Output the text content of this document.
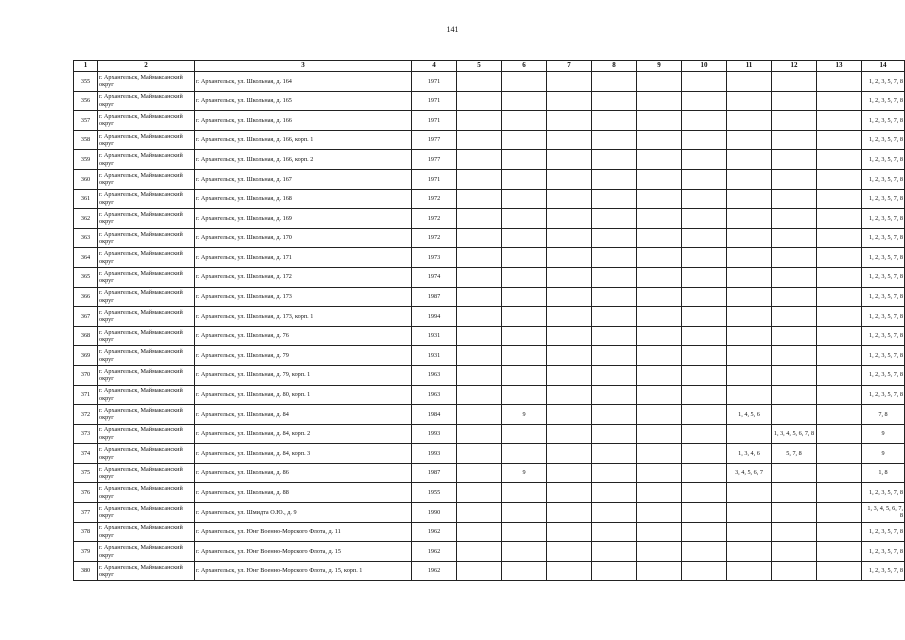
141
1	2	3	4	5	6	7	8	9	10	11	12	13	14
355	г. Архангельск, Маймаксанский округ	г. Архангельск, ул. Школьная, д. 164	1971										1, 2, 3, 5, 7, 8
356	г. Архангельск, Маймаксанский округ	г. Архангельск, ул. Школьная, д. 165	1971										1, 2, 3, 5, 7, 8
357	г. Архангельск, Маймаксанский округ	г. Архангельск, ул. Школьная, д. 166	1971										1, 2, 3, 5, 7, 8
358	г. Архангельск, Маймаксанский округ	г. Архангельск, ул. Школьная, д. 166, корп. 1	1977										1, 2, 3, 5, 7, 8
359	г. Архангельск, Маймаксанский округ	г. Архангельск, ул. Школьная, д. 166, корп. 2	1977										1, 2, 3, 5, 7, 8
360	г. Архангельск, Маймаксанский округ	г. Архангельск, ул. Школьная, д. 167	1971										1, 2, 3, 5, 7, 8
361	г. Архангельск, Маймаксанский округ	г. Архангельск, ул. Школьная, д. 168	1972										1, 2, 3, 5, 7, 8
362	г. Архангельск, Маймаксанский округ	г. Архангельск, ул. Школьная, д. 169	1972										1, 2, 3, 5, 7, 8
363	г. Архангельск, Маймаксанский округ	г. Архангельск, ул. Школьная, д. 170	1972										1, 2, 3, 5, 7, 8
364	г. Архангельск, Маймаксанский округ	г. Архангельск, ул. Школьная, д. 171	1973										1, 2, 3, 5, 7, 8
365	г. Архангельск, Маймаксанский округ	г. Архангельск, ул. Школьная, д. 172	1974										1, 2, 3, 5, 7, 8
366	г. Архангельск, Маймаксанский округ	г. Архангельск, ул. Школьная, д. 173	1987										1, 2, 3, 5, 7, 8
367	г. Архангельск, Маймаксанский округ	г. Архангельск, ул. Школьная, д. 173, корп. 1	1994										1, 2, 3, 5, 7, 8
368	г. Архангельск, Маймаксанский округ	г. Архангельск, ул. Школьная, д. 76	1931										1, 2, 3, 5, 7, 8
369	г. Архангельск, Маймаксанский округ	г. Архангельск, ул. Школьная, д. 79	1931										1, 2, 3, 5, 7, 8
370	г. Архангельск, Маймаксанский округ	г. Архангельск, ул. Школьная, д. 79, корп. 1	1963										1, 2, 3, 5, 7, 8
371	г. Архангельск, Маймаксанский округ	г. Архангельск, ул. Школьная, д. 80, корп. 1	1963										1, 2, 3, 5, 7, 8
372	г. Архангельск, Маймаксанский округ	г. Архангельск, ул. Школьная, д. 84	1984		9					1, 4, 5, 6			7, 8
373	г. Архангельск, Маймаксанский округ	г. Архангельск, ул. Школьная, д. 84, корп. 2	1993								1, 3, 4, 5, 6, 7, 8		9
374	г. Архангельск, Маймаксанский округ	г. Архангельск, ул. Школьная, д. 84, корп. 3	1993							1, 3, 4, 6	5, 7, 8		9
375	г. Архангельск, Маймаксанский округ	г. Архангельск, ул. Школьная, д. 86	1987		9					3, 4, 5, 6, 7			1, 8
376	г. Архангельск, Маймаксанский округ	г. Архангельск, ул. Школьная, д. 88	1955										1, 2, 3, 5, 7, 8
377	г. Архангельск, Маймаксанский округ	г. Архангельск, ул. Шмидта О.Ю., д. 9	1990										1, 3, 4, 5, 6, 7, 8
378	г. Архангельск, Маймаксанский округ	г. Архангельск, ул. Юнг Военно-Морского Флота, д. 11	1962										1, 2, 3, 5, 7, 8
379	г. Архангельск, Маймаксанский округ	г. Архангельск, ул. Юнг Военно-Морского Флота, д. 15	1962										1, 2, 3, 5, 7, 8
380	г. Архангельск, Маймаксанский округ	г. Архангельск, ул. Юнг Военно-Морского Флота, д. 15, корп. 1	1962										1, 2, 3, 5, 7, 8
